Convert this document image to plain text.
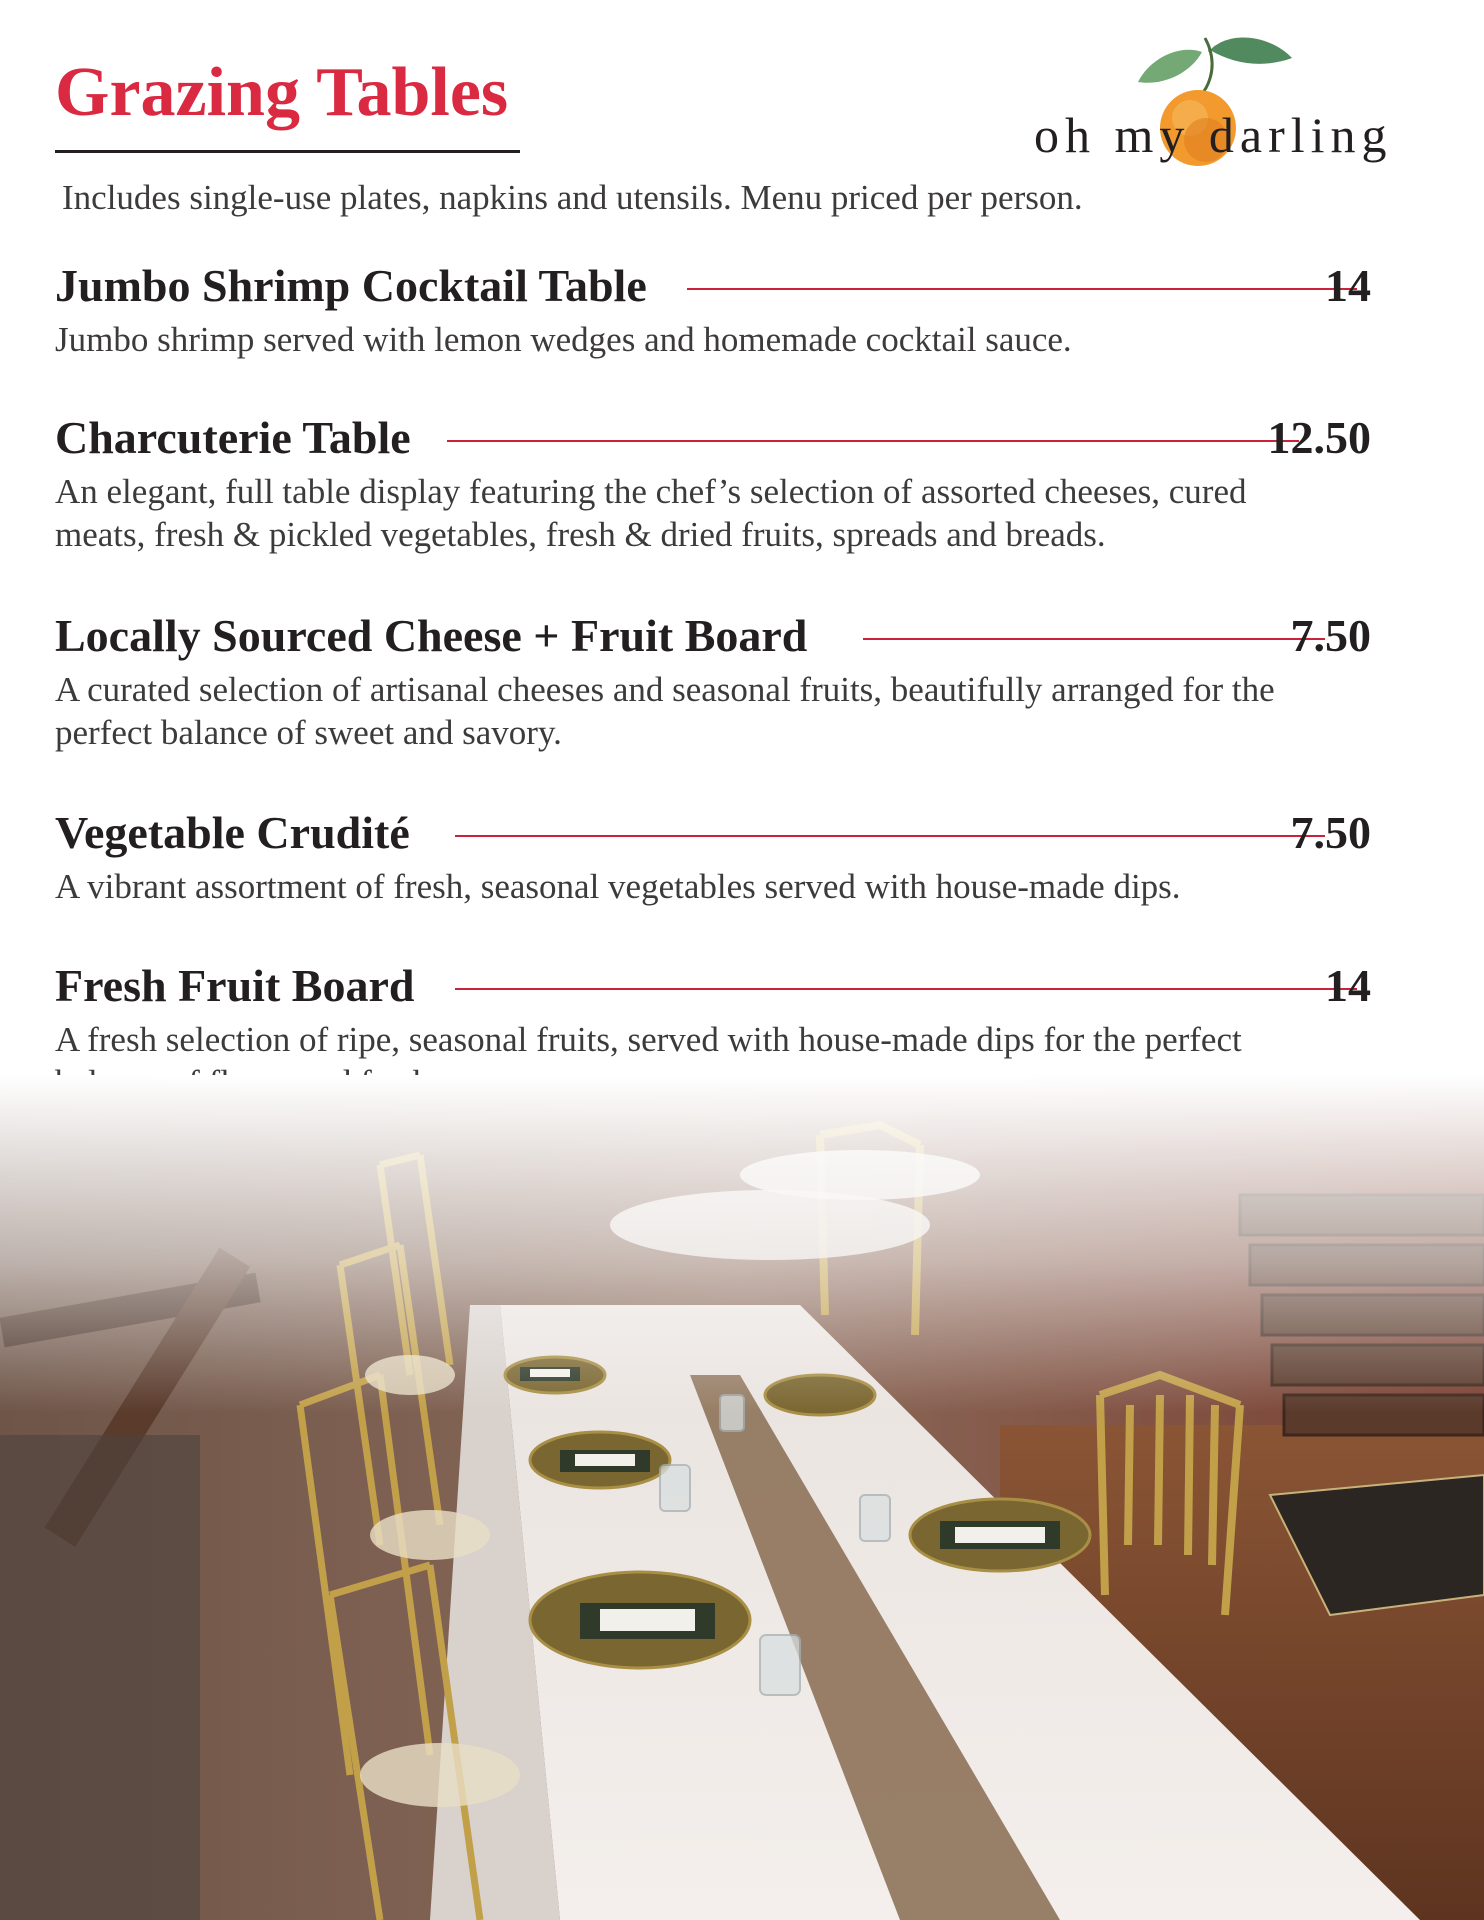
Grazing Tables
oh my darling
Includes single-use plates, napkins and utensils. Menu priced per person.
Jumbo Shrimp Cocktail Table	14
Jumbo shrimp served with lemon wedges and homemade cocktail sauce.
Charcuterie Table	12.50
An elegant, full table display featuring the chef’s selection of assorted cheeses, cured meats, fresh & pickled vegetables, fresh & dried fruits, spreads and breads.
Locally Sourced Cheese + Fruit Board	7.50
A curated selection of artisanal cheeses and seasonal fruits, beautifully arranged for the perfect balance of sweet and savory.
Vegetable Crudité	7.50
A vibrant assortment of fresh, seasonal vegetables served with house-made dips.
Fresh Fruit Board	14
A fresh selection of ripe, seasonal fruits, served with house-made dips for the perfect
